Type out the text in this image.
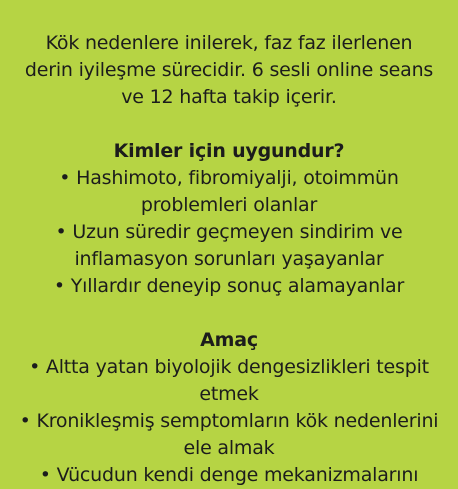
Kök nedenlere inilerek, faz faz ilerlenen

derin iyileşme sürecidir. 6 sesli online seans

ve 12 hafta takip içerir.

Kimler için uygundur?

• Hashimoto, fibromiyalji, otoimmün problemleri olanlar
• Uzun süredir geçmeyen sindirim ve inflamasyon sorunları yaşayanlar
• Yıllardır deneyip sonuç alamayanlar

Amaç

• Altta yatan biyolojik dengesizlikleri tespit etmek
• Kronikleşmiş semptomların kök nedenlerini ele almak
• Vücudun kendi denge mekanizmalarını
